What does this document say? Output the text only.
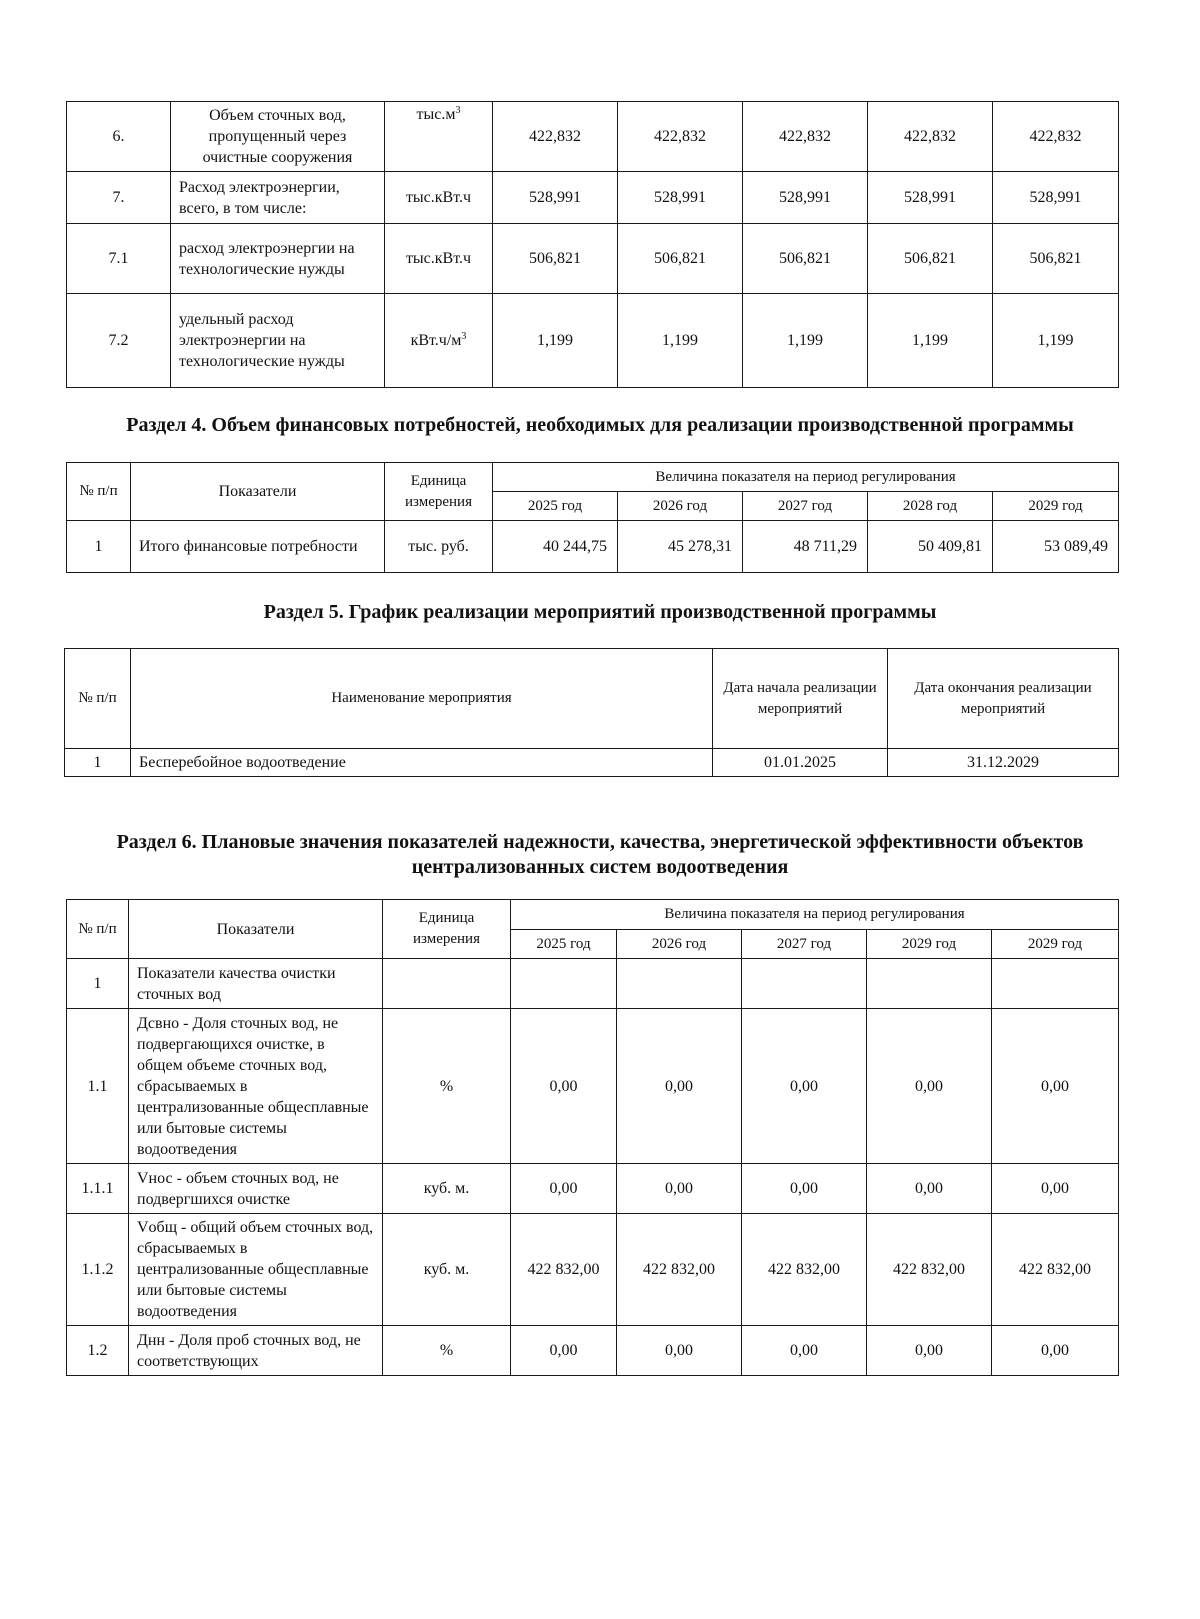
6.	Объем сточных вод, пропущенный через очистные сооружения	$тыс.м^3$	422,832	422,832	422,832	422,832	422,832
7.	Расход электроэнергии, всего, в том числе:	тыс.кВт.ч	528,991	528,991	528,991	528,991	528,991
7.1	расход электроэнергии на технологические нужды	тыс.кВт.ч	506,821	506,821	506,821	506,821	506,821
7.2	удельный расход электроэнергии на технологические нужды	$кВт.ч/м^3$	1,199	1,199	1,199	1,199	1,199
Раздел 4. Объем финансовых потребностей, необходимых для реализации производственной программы
№ п/п	Показатели	Единица измерения	Величина показателя на период регулирования				
			2025 год	2026 год	2027 год	2028 год	2029 год
1	Итого финансовые потребности	тыс. руб.	40 244,75	45 278,31	48 711,29	50 409,81	53 089,49
Раздел 5. График реализации мероприятий производственной программы
№ п/п	Наименование мероприятия	Дата начала реализации мероприятий	Дата окончания реализации мероприятий
1	Бесперебойное водоотведение	01.01.2025	31.12.2029
Раздел 6. Плановые значения показателей надежности, качества, энергетической эффективности объектов централизованных систем водоотведения
№ п/п	Показатели	Единица измерения	Величина показателя на период регулирования				
			2025 год	2026 год	2027 год	2029 год	2029 год
1	Показатели качества очистки сточных вод						
1.1	Дсвно - Доля сточных вод, не подвергающихся очистке, в общем объеме сточных вод, сбрасываемых в централизованные общесплавные или бытовые системы водоотведения	%	0,00	0,00	0,00	0,00	0,00
1.1.1	Vнос - объем сточных вод, не подвергшихся очистке	куб. м.	0,00	0,00	0,00	0,00	0,00
1.1.2	Vобщ - общий объем сточных вод, сбрасываемых в централизованные общесплавные или бытовые системы водоотведения	куб. м.	422 832,00	422 832,00	422 832,00	422 832,00	422 832,00
1.2	Днн - Доля проб сточных вод, не соответствующих	%	0,00	0,00	0,00	0,00	0,00
